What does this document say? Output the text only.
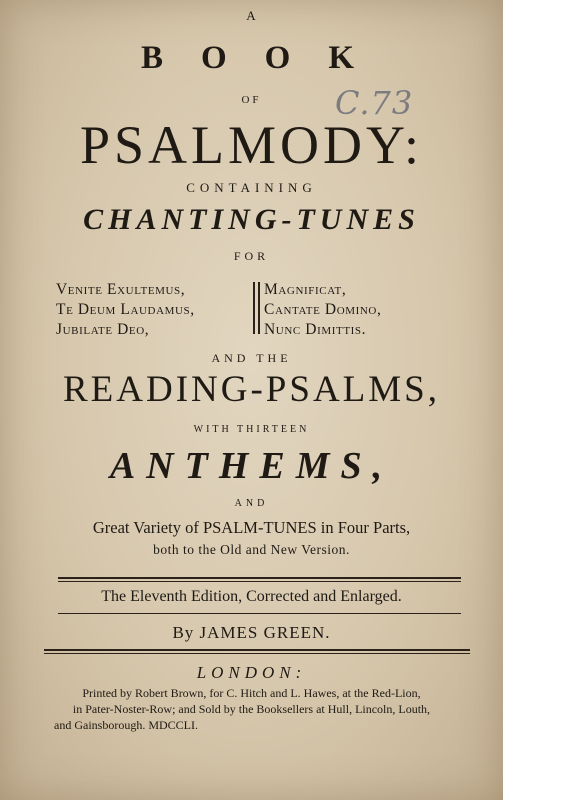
A
BOOK
OF	C.73
PSALMODY:
CONTAINING
CHANTING-TUNES
FOR
Venite Exultemus,
Te Deum Laudamus,
Jubilate Deo,
Magnificat,
Cantate Domino,
Nunc Dimittis.
AND THE
READING-PSALMS,
WITH THIRTEEN
ANTHEMS,
AND
Great Variety of PSALM-TUNES in Four Parts,
both to the Old and New Version.
The Eleventh Edition, Corrected and Enlarged.
By JAMES GREEN.
LONDON:
Printed by Robert Brown, for C. Hitch and L. Hawes, at the Red-Lion,
in Pater-Noster-Row; and Sold by the Booksellers at Hull, Lincoln, Louth,
and Gainsborough. MDCCLI.
